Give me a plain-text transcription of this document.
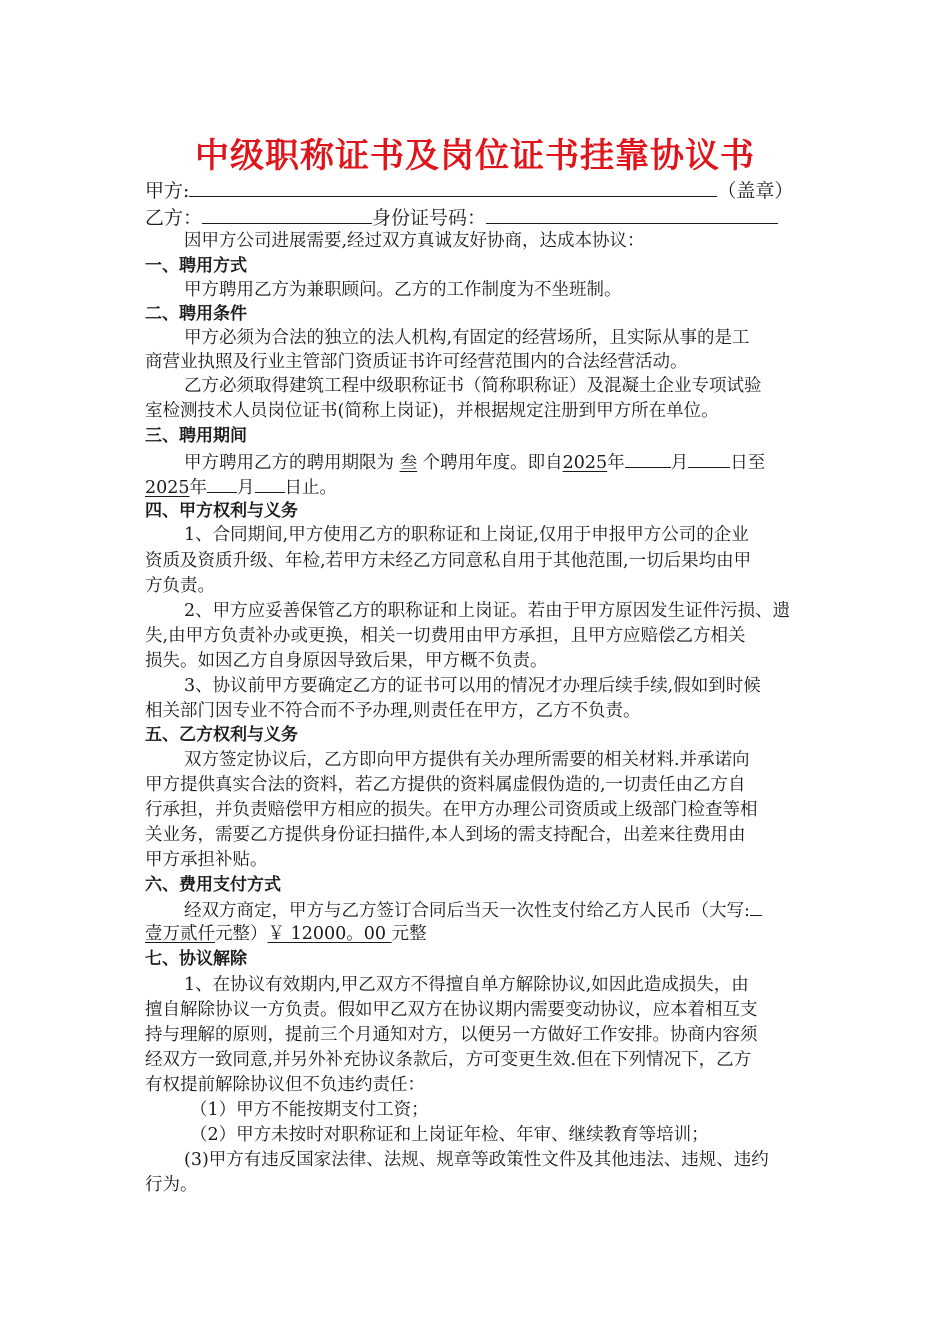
中级职称证书及岗位证书挂靠协议书
甲方:	（盖章）
乙方：	身份证号码：
因甲方公司进展需要,经过双方真诚友好协商，达成本协议：
一、聘用方式
甲方聘用乙方为兼职顾问。乙方的工作制度为不坐班制。
二、聘用条件
甲方必须为合法的独立的法人机构,有固定的经营场所，且实际从事的是工
商营业执照及行业主管部门资质证书许可经营范围内的合法经营活动。
乙方必须取得建筑工程中级职称证书（简称职称证）及混凝土企业专项试验
室检测技术人员岗位证书(简称上岗证)，并根据规定注册到甲方所在单位。
三、聘用期间
甲方聘用乙方的聘用期限为 叁 个聘用年度。即自2025年	月 日至
2025年 月 日止。
四、甲方权利与义务
1、合同期间,甲方使用乙方的职称证和上岗证,仅用于申报甲方公司的企业
资质及资质升级、年检,若甲方未经乙方同意私自用于其他范围,一切后果均由甲
方负责。
2、甲方应妥善保管乙方的职称证和上岗证。若由于甲方原因发生证件污损、遗
失,由甲方负责补办或更换，相关一切费用由甲方承担，且甲方应赔偿乙方相关
损失。如因乙方自身原因导致后果，甲方概不负责。
3、协议前甲方要确定乙方的证书可以用的情况才办理后续手续,假如到时候
相关部门因专业不符合而不予办理,则责任在甲方，乙方不负责。
五、乙方权利与义务
双方签定协议后，乙方即向甲方提供有关办理所需要的相关材料.并承诺向
甲方提供真实合法的资料，若乙方提供的资料属虚假伪造的,一切责任由乙方自
行承担，并负责赔偿甲方相应的损失。在甲方办理公司资质或上级部门检查等相
关业务，需要乙方提供身份证扫描件,本人到场的需支持配合，出差来往费用由
甲方承担补贴。
六、费用支付方式
经双方商定，甲方与乙方签订合同后当天一次性支付给乙方人民币（大写:
壹万贰仟元整）￥ 12000。00 元整
七、协议解除
1、在协议有效期内,甲乙双方不得擅自单方解除协议,如因此造成损失，由
擅自解除协议一方负责。假如甲乙双方在协议期内需要变动协议，应本着相互支
持与理解的原则，提前三个月通知对方，以便另一方做好工作安排。协商内容须
经双方一致同意,并另外补充协议条款后，方可变更生效.但在下列情况下，乙方
有权提前解除协议但不负违约责任：
（1）甲方不能按期支付工资；
（2）甲方未按时对职称证和上岗证年检、年审、继续教育等培训；
(3)甲方有违反国家法律、法规、规章等政策性文件及其他违法、违规、违约
行为。
